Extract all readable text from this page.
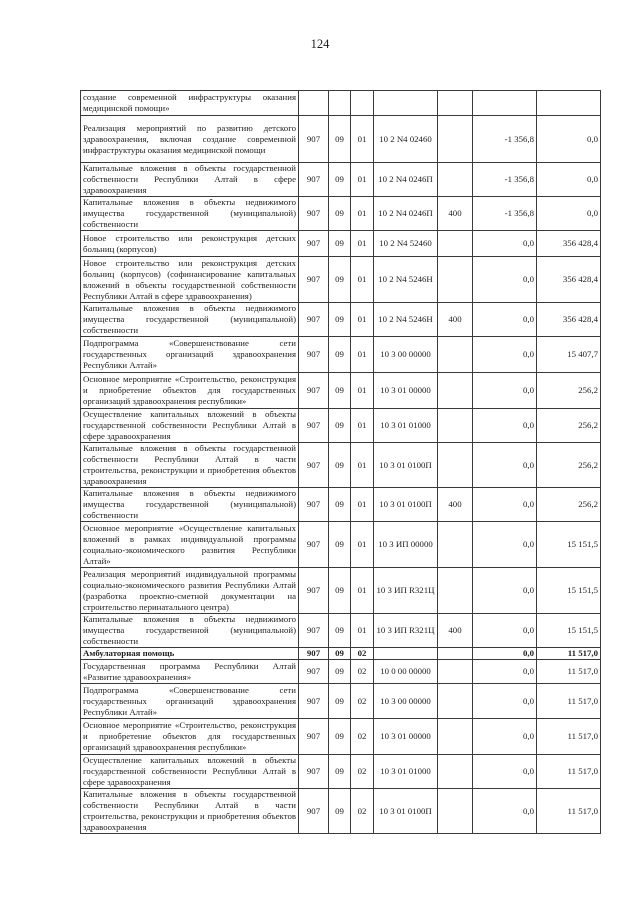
124
создание современной инфраструктуры оказания медицинской помощи»							
Реализация мероприятий по развитию детского здравоохранения, включая создание современной инфраструктуры оказания медицинской помощи	907	09	01	10 2 N4 02460		-1 356,8	0,0
Капитальные вложения в объекты государственной собственности Республики Алтай в сфере здравоохранения	907	09	01	10 2 N4 0246П		-1 356,8	0,0
Капитальные вложения в объекты недвижимого имущества государственной (муниципальной) собственности	907	09	01	10 2 N4 0246П	400	-1 356,8	0,0
Новое строительство или реконструкция детских больниц (корпусов)	907	09	01	10 2 N4 52460		0,0	356 428,4
Новое строительство или реконструкция детских больниц (корпусов) (софинансирование капитальных вложений в объекты государственной собственности Республики Алтай в сфере здравоохранения)	907	09	01	10 2 N4 5246Н		0,0	356 428,4
Капитальные вложения в объекты недвижимого имущества государственной (муниципальной) собственности	907	09	01	10 2 N4 5246Н	400	0,0	356 428,4
Подпрограмма «Совершенствование сети государственных организаций здравоохранения Республики Алтай»	907	09	01	10 3 00 00000		0,0	15 407,7
Основное мероприятие «Строительство, реконструкция и приобретение объектов для государственных организаций здравоохранения республики»	907	09	01	10 3 01 00000		0,0	256,2
Осуществление капитальных вложений в объекты государственной собственности Республики Алтай в сфере здравоохранения	907	09	01	10 3 01 01000		0,0	256,2
Капитальные вложения в объекты государственной собственности Республики Алтай в части строительства, реконструкции и приобретения объектов здравоохранения	907	09	01	10 3 01 0100П		0,0	256,2
Капитальные вложения в объекты недвижимого имущества государственной (муниципальной) собственности	907	09	01	10 3 01 0100П	400	0,0	256,2
Основное мероприятие «Осуществление капитальных вложений в рамках индивидуальной программы социально-экономического развития Республики Алтай»	907	09	01	10 3 ИП 00000		0,0	15 151,5
Реализация мероприятий индивидуальной программы социально-экономического развития Республики Алтай (разработка проектно-сметной документации на строительство перинатального центра)	907	09	01	10 3 ИП R321Ц		0,0	15 151,5
Капитальные вложения в объекты недвижимого имущества государственной (муниципальной) собственности	907	09	01	10 3 ИП R321Ц	400	0,0	15 151,5
Амбулаторная помощь	907	09	02			0,0	11 517,0
Государственная программа Республики Алтай «Развитие здравоохранения»	907	09	02	10 0 00 00000		0,0	11 517,0
Подпрограмма «Совершенствование сети государственных организаций здравоохранения Республики Алтай»	907	09	02	10 3 00 00000		0,0	11 517,0
Основное мероприятие «Строительство, реконструкция и приобретение объектов для государственных организаций здравоохранения республики»	907	09	02	10 3 01 00000		0,0	11 517,0
Осуществление капитальных вложений в объекты государственной собственности Республики Алтай в сфере здравоохранения	907	09	02	10 3 01 01000		0,0	11 517,0
Капитальные вложения в объекты государственной собственности Республики Алтай в части строительства, реконструкции и приобретения объектов здравоохранения	907	09	02	10 3 01 0100П		0,0	11 517,0
